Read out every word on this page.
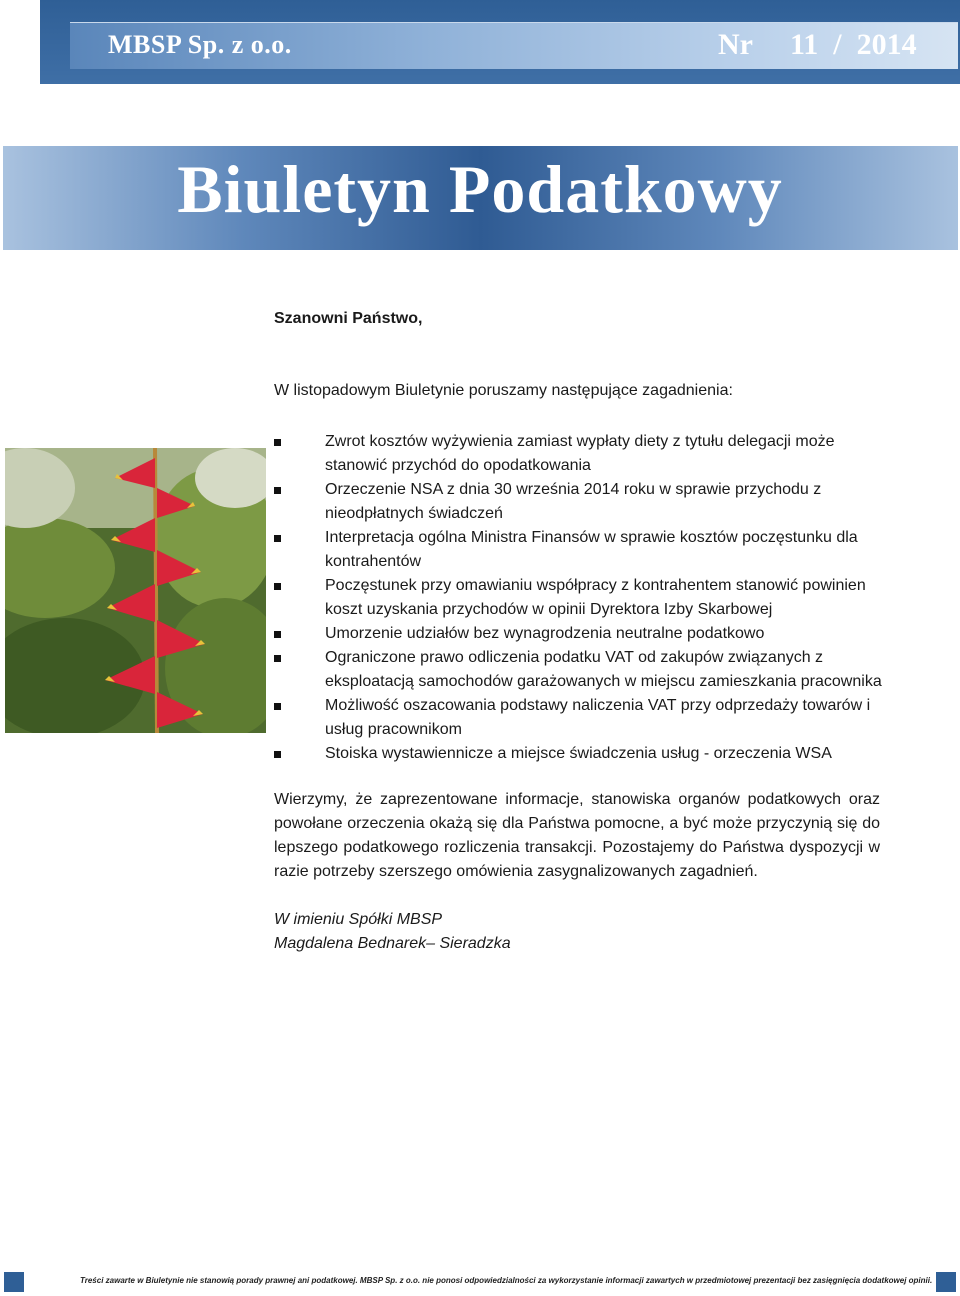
MBSP Sp. z o.o.	Nr     11  /  2014
Biuletyn Podatkowy
Szanowni Państwo,
W listopadowym Biuletynie poruszamy następujące zagadnienia:
Zwrot kosztów wyżywienia zamiast wypłaty diety z tytułu delegacji może stanowić przychód do opodatkowania
Orzeczenie NSA z dnia 30 września 2014 roku w sprawie przychodu z nieodpłatnych świadczeń
Interpretacja ogólna Ministra Finansów w sprawie kosztów poczęstunku dla kontrahentów
Poczęstunek przy omawianiu współpracy z kontrahentem stanowić powinien koszt uzyskania przychodów w opinii Dyrektora Izby Skarbowej
Umorzenie udziałów bez wynagrodzenia neutralne podatkowo
Ograniczone prawo odliczenia podatku VAT od zakupów związanych z eksploatacją samochodów garażowanych w miejscu zamieszkania pracownika
Możliwość oszacowania podstawy naliczenia VAT przy odprzedaży towarów i usług pracownikom
Stoiska wystawiennicze a miejsce świadczenia usług - orzeczenia WSA
Wierzymy, że zaprezentowane informacje, stanowiska organów podatkowych oraz powołane orzeczenia okażą się dla Państwa pomocne, a być może przyczynią się do lepszego podatkowego rozliczenia transakcji. Pozostajemy do Państwa dyspozycji w razie potrzeby szerszego omówienia zasygnalizowanych zagadnień.
W imieniu Spółki MBSP
Magdalena Bednarek– Sieradzka
Treści zawarte w Biuletynie nie stanowią porady prawnej ani podatkowej. MBSP Sp. z o.o. nie ponosi odpowiedzialności za wykorzystanie informacji zawartych w przedmiotowej prezentacji bez zasięgnięcia dodatkowej opinii.
